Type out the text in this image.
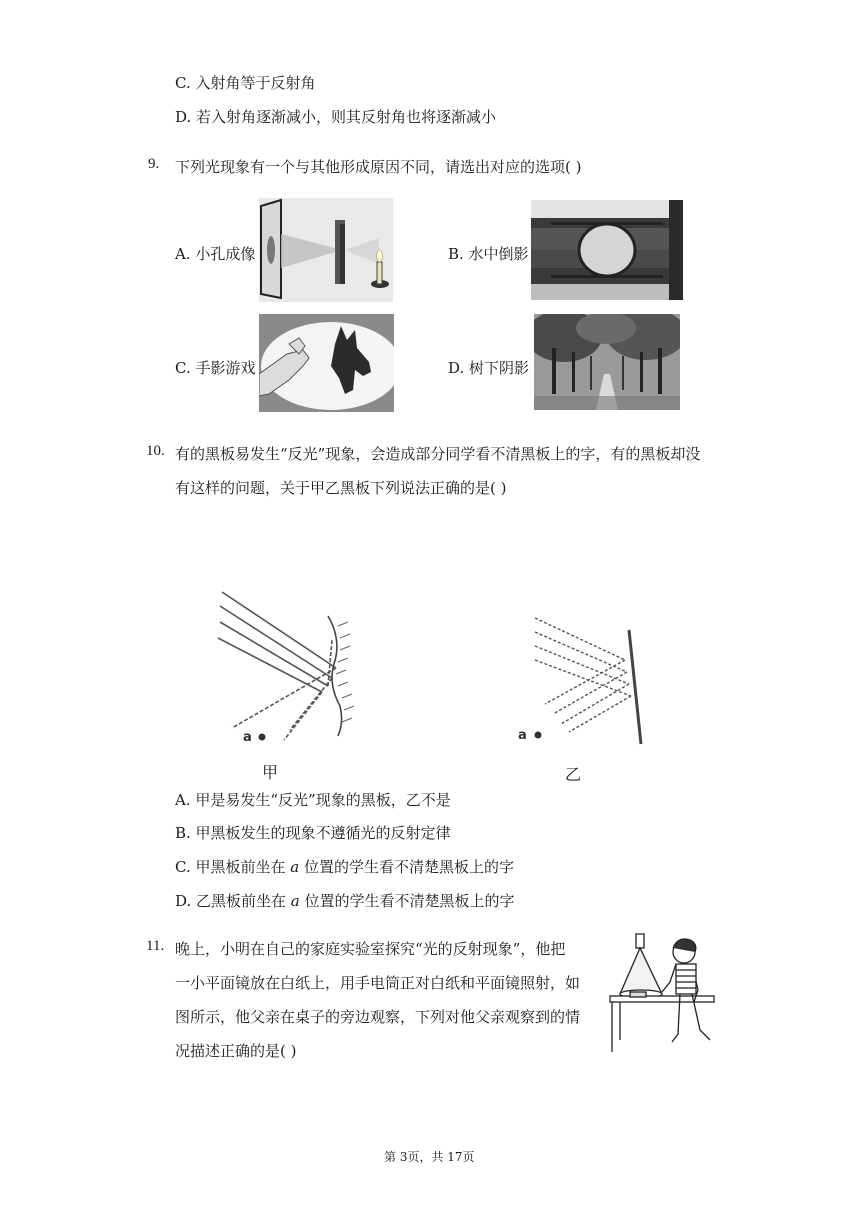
C. 入射角等于反射角
D. 若入射角逐渐减小，则其反射角也将逐渐减小
9. 下列光现象有一个与其他形成原因不同，请选出对应的选项( )
A. 小孔成像	B. 水中倒影
C. 手影游戏	D. 树下阴影
10. 有的黑板易发生“反光”现象，会造成部分同学看不清黑板上的字，有的黑板却没
有这样的问题，关于甲乙黑板下列说法正确的是( )
a
甲
a
乙
A. 甲是易发生“反光”现象的黑板，乙不是
B. 甲黑板发生的现象不遵循光的反射定律
C. 甲黑板前坐在 a 位置的学生看不清楚黑板上的字
D. 乙黑板前坐在 a 位置的学生看不清楚黑板上的字
11. 晚上，小明在自己的家庭实验室探究“光的反射现象”，他把
一小平面镜放在白纸上，用手电筒正对白纸和平面镜照射，如
图所示，他父亲在桌子的旁边观察，下列对他父亲观察到的情
况描述正确的是( )
第 3页，共 17页
